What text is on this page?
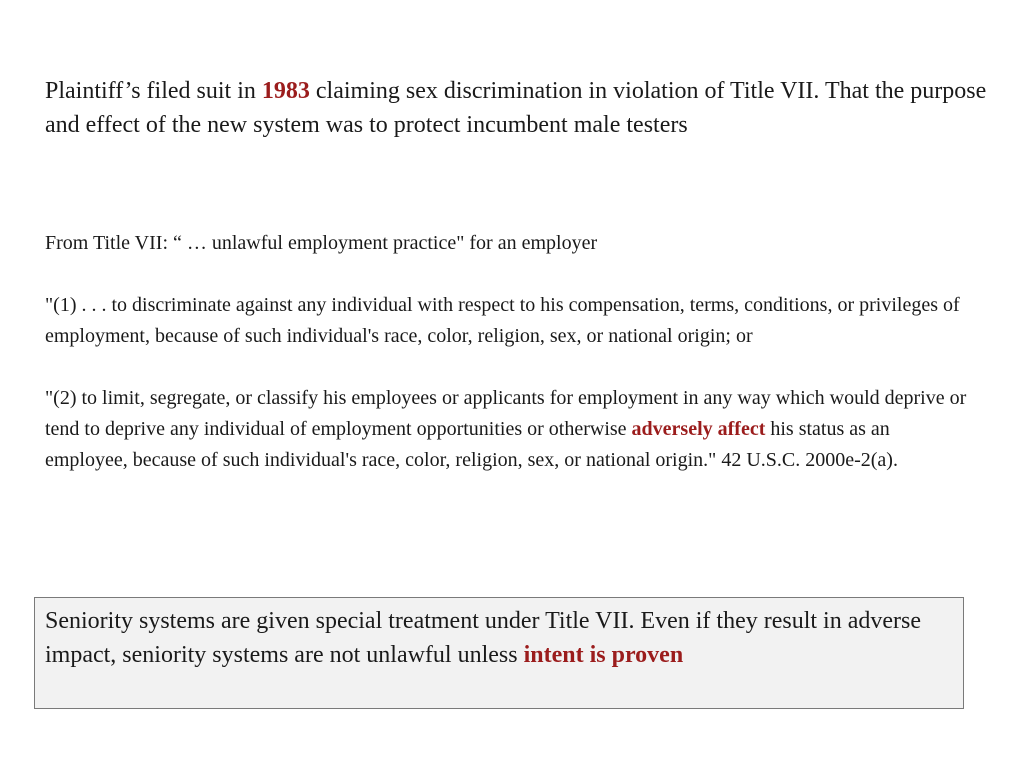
Plaintiff’s filed suit in 1983 claiming sex discrimination in violation of Title VII. That the purpose and effect of the new system was to protect incumbent male testers
From Title VII: “ … unlawful employment practice" for an employer
"(1) . . . to discriminate against any individual with respect to his compensation, terms, conditions, or privileges of employment, because of such individual's race, color, religion, sex, or national origin; or
"(2) to limit, segregate, or classify his employees or applicants for employment in any way which would deprive or tend to deprive any individual of employment opportunities or otherwise adversely affect his status as an employee, because of such individual's race, color, religion, sex, or national origin." 42 U.S.C. 2000e-2(a).
Seniority systems are given special treatment under Title VII. Even if they result in adverse impact, seniority systems are not unlawful unless intent is proven
